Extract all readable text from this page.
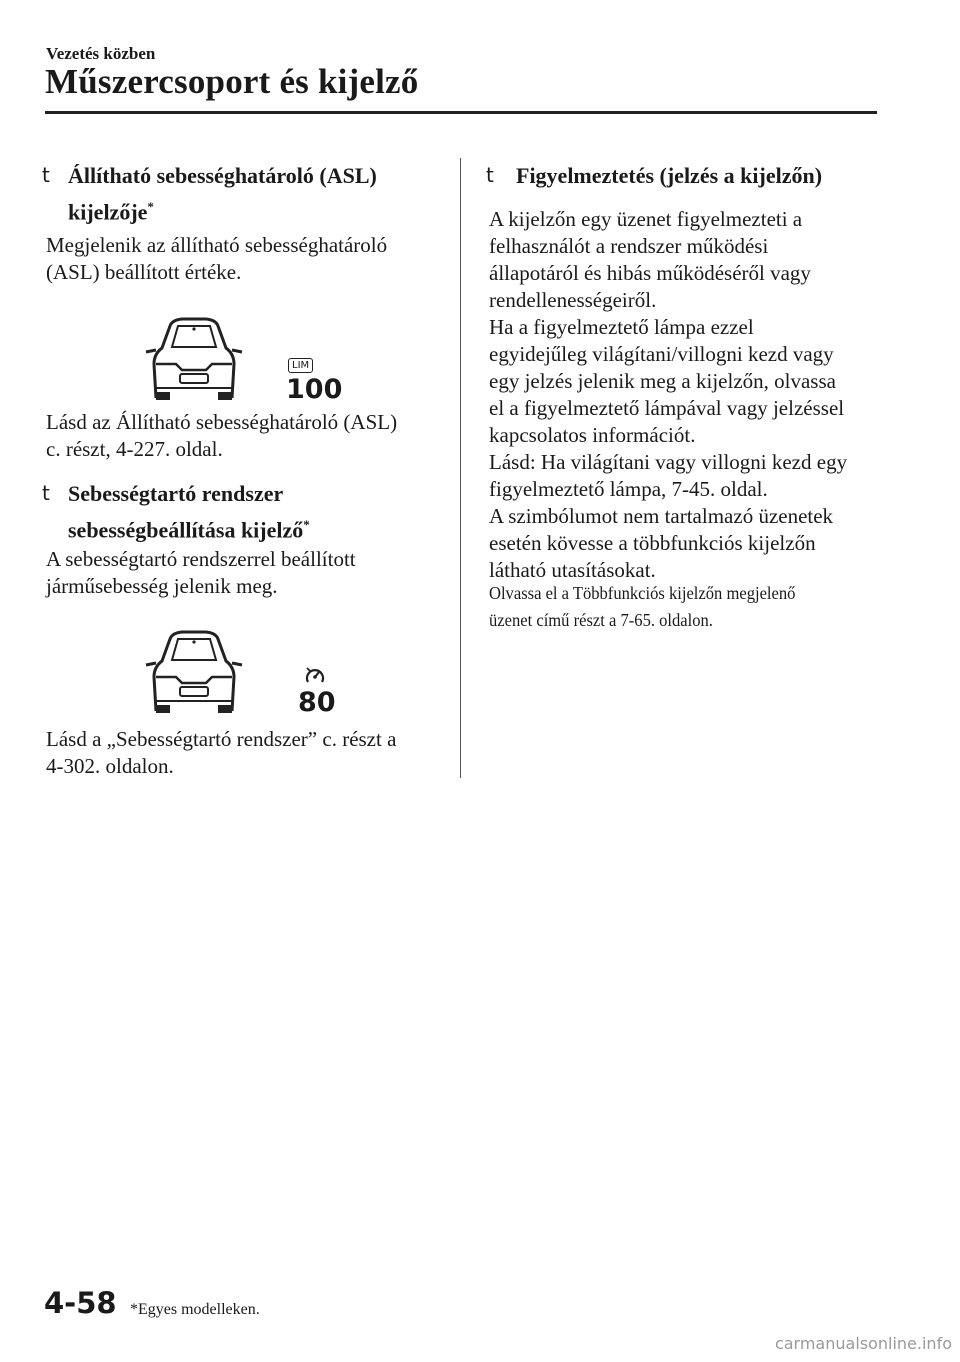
Vezetés közben
Műszercsoport és kijelző
t Állítható sebességhatároló (ASL)
kijelzője*
Megjelenik az állítható sebességhatároló
(ASL) beállított értéke.
LIM
100
Lásd az Állítható sebességhatároló (ASL)
c. részt, 4-227. oldal.
t Sebességtartó rendszer
sebességbeállítása kijelző*
A sebességtartó rendszerrel beállított
járműsebesség jelenik meg.
80
Lásd a „Sebességtartó rendszer” c. részt a
4-302. oldalon.
t Figyelmeztetés (jelzés a kijelzőn)
A kijelzőn egy üzenet figyelmezteti a
felhasználót a rendszer működési
állapotáról és hibás működéséről vagy
rendellenességeiről.
Ha a figyelmeztető lámpa ezzel
egyidejűleg világítani/villogni kezd vagy
egy jelzés jelenik meg a kijelzőn, olvassa
el a figyelmeztető lámpával vagy jelzéssel
kapcsolatos információt.
Lásd: Ha világítani vagy villogni kezd egy
figyelmeztető lámpa, 7-45. oldal.
A szimbólumot nem tartalmazó üzenetek
esetén kövesse a többfunkciós kijelzőn
látható utasításokat.
Olvassa el a Többfunkciós kijelzőn megjelenő
üzenet című részt a 7-65. oldalon.
4-58 *Egyes modelleken.
carmanualsonline.info
